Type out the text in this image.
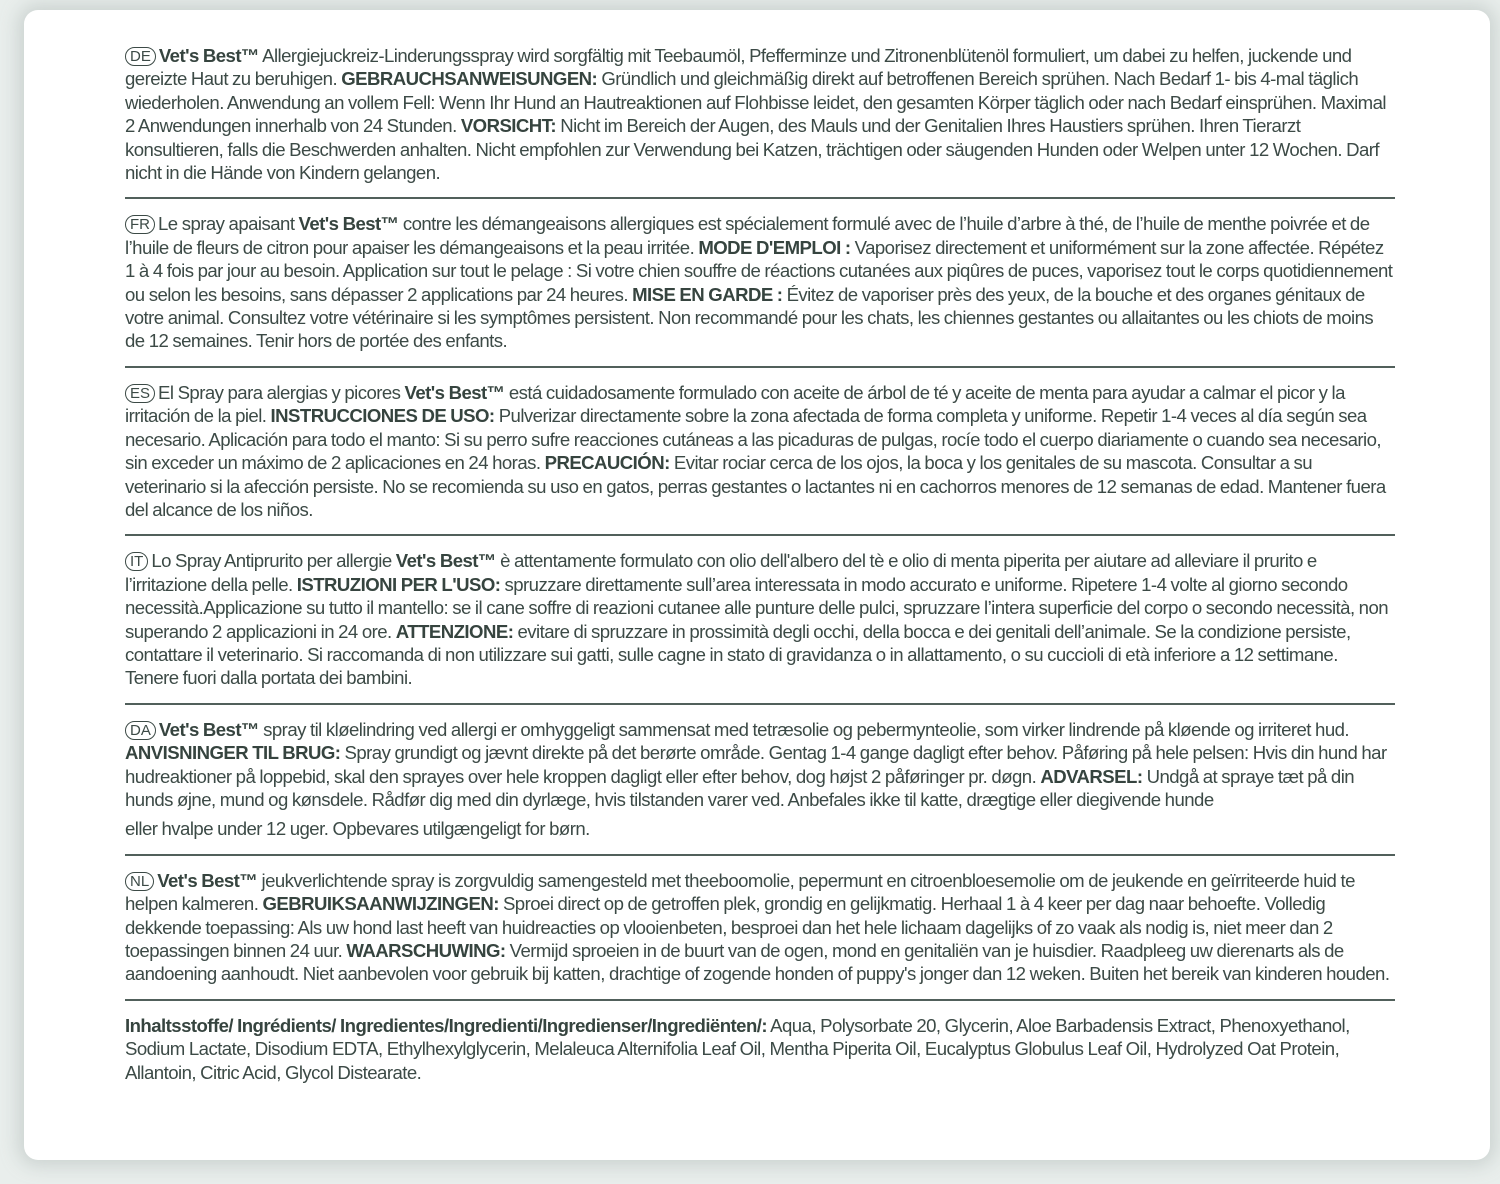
DE Vet's Best™ Allergiejuckreiz-Linderungsspray wird sorgfältig mit Teebaumöl, Pfefferminze und Zitronenblütenöl formuliert, um dabei zu helfen, juckende und gereizte Haut zu beruhigen. GEBRAUCHSANWEISUNGEN: Gründlich und gleichmäßig direkt auf betroffenen Bereich sprühen. Nach Bedarf 1- bis 4-mal täglich wiederholen. Anwendung an vollem Fell: Wenn Ihr Hund an Hautreaktionen auf Flohbisse leidet, den gesamten Körper täglich oder nach Bedarf einsprühen. Maximal 2 Anwendungen innerhalb von 24 Stunden. VORSICHT: Nicht im Bereich der Augen, des Mauls und der Genitalien Ihres Haustiers sprühen. Ihren Tierarzt konsultieren, falls die Beschwerden anhalten. Nicht empfohlen zur Verwendung bei Katzen, trächtigen oder säugenden Hunden oder Welpen unter 12 Wochen. Darf nicht in die Hände von Kindern gelangen.
FR Le spray apaisant Vet's Best™ contre les démangeaisons allergiques est spécialement formulé avec de l’huile d’arbre à thé, de l’huile de menthe poivrée et de l’huile de fleurs de citron pour apaiser les démangeaisons et la peau irritée. MODE D'EMPLOI : Vaporisez directement et uniformément sur la zone affectée. Répétez 1 à 4 fois par jour au besoin. Application sur tout le pelage : Si votre chien souffre de réactions cutanées aux piqûres de puces, vaporisez tout le corps quotidiennement ou selon les besoins, sans dépasser 2 applications par 24 heures. MISE EN GARDE : Évitez de vaporiser près des yeux, de la bouche et des organes génitaux de votre animal. Consultez votre vétérinaire si les symptômes persistent. Non recommandé pour les chats, les chiennes gestantes ou allaitantes ou les chiots de moins de 12 semaines. Tenir hors de portée des enfants.
ES El Spray para alergias y picores Vet's Best™ está cuidadosamente formulado con aceite de árbol de té y aceite de menta para ayudar a calmar el picor y la irritación de la piel. INSTRUCCIONES DE USO: Pulverizar directamente sobre la zona afectada de forma completa y uniforme. Repetir 1-4 veces al día según sea necesario. Aplicación para todo el manto: Si su perro sufre reacciones cutáneas a las picaduras de pulgas, rocíe todo el cuerpo diariamente o cuando sea necesario, sin exceder un máximo de 2 aplicaciones en 24 horas. PRECAUCIÓN: Evitar rociar cerca de los ojos, la boca y los genitales de su mascota. Consultar a su veterinario si la afección persiste. No se recomienda su uso en gatos, perras gestantes o lactantes ni en cachorros menores de 12 semanas de edad. Mantener fuera del alcance de los niños.
IT Lo Spray Antiprurito per allergie Vet's Best™ è attentamente formulato con olio dell'albero del tè e olio di menta piperita per aiutare ad alleviare il prurito e l’irritazione della pelle. ISTRUZIONI PER L'USO: spruzzare direttamente sull’area interessata in modo accurato e uniforme. Ripetere 1-4 volte al giorno secondo necessità.Applicazione su tutto il mantello: se il cane soffre di reazioni cutanee alle punture delle pulci, spruzzare l’intera superficie del corpo o secondo necessità, non superando 2 applicazioni in 24 ore. ATTENZIONE: evitare di spruzzare in prossimità degli occhi, della bocca e dei genitali dell’animale. Se la condizione persiste, contattare il veterinario. Si raccomanda di non utilizzare sui gatti, sulle cagne in stato di gravidanza o in allattamento, o su cuccioli di età inferiore a 12 settimane. Tenere fuori dalla portata dei bambini.
DA Vet's Best™ spray til kløelindring ved allergi er omhyggeligt sammensat med tetræsolie og pebermynteolie, som virker lindrende på kløende og irriteret hud. ANVISNINGER TIL BRUG: Spray grundigt og jævnt direkte på det berørte område. Gentag 1-4 gange dagligt efter behov. Påføring på hele pelsen: Hvis din hund har hudreaktioner på loppebid, skal den sprayes over hele kroppen dagligt eller efter behov, dog højst 2 påføringer pr. døgn. ADVARSEL: Undgå at spraye tæt på din hunds øjne, mund og kønsdele. Rådfør dig med din dyrlæge, hvis tilstanden varer ved. Anbefales ikke til katte, drægtige eller diegivende hunde
eller hvalpe under 12 uger. Opbevares utilgængeligt for børn.
NL Vet's Best™ jeukverlichtende spray is zorgvuldig samengesteld met theeboomolie, pepermunt en citroenbloesemolie om de jeukende en geïrriteerde huid te helpen kalmeren. GEBRUIKSAANWIJZINGEN: Sproei direct op de getroffen plek, grondig en gelijkmatig. Herhaal 1 à 4 keer per dag naar behoefte. Volledig dekkende toepassing: Als uw hond last heeft van huidreacties op vlooienbeten, besproei dan het hele lichaam dagelijks of zo vaak als nodig is, niet meer dan 2 toepassingen binnen 24 uur. WAARSCHUWING: Vermijd sproeien in de buurt van de ogen, mond en genitaliën van je huisdier. Raadpleeg uw dierenarts als de aandoening aanhoudt. Niet aanbevolen voor gebruik bij katten, drachtige of zogende honden of puppy's jonger dan 12 weken. Buiten het bereik van kinderen houden.
Inhaltsstoffe/ Ingrédients/ Ingredientes/Ingredienti/Ingredienser/Ingrediënten/: Aqua, Polysorbate 20, Glycerin, Aloe Barbadensis Extract, Phenoxyethanol, Sodium Lactate, Disodium EDTA, Ethylhexylglycerin, Melaleuca Alternifolia Leaf Oil, Mentha Piperita Oil, Eucalyptus Globulus Leaf Oil, Hydrolyzed Oat Protein, Allantoin, Citric Acid, Glycol Distearate.
